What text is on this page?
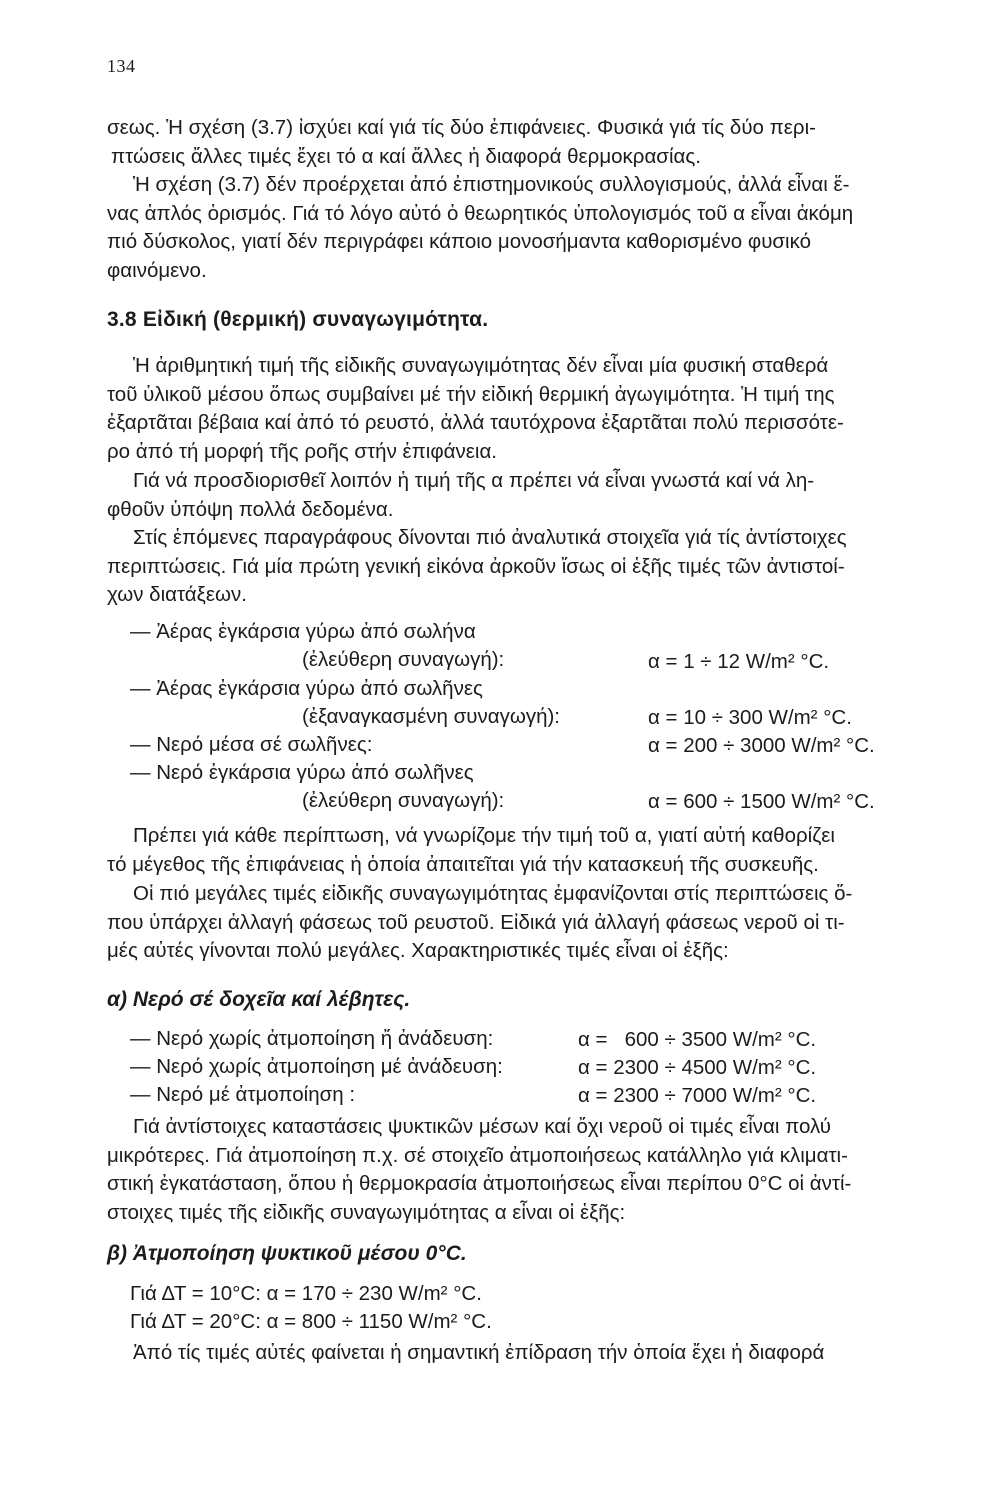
134
σεως. Ἡ σχέση (3.7) ἰσχύει καί γιά τίς δύο ἐπιφάνειες. Φυσικά γιά τίς δύο περι-
πτώσεις ἄλλες τιμές ἔχει τό α καί ἄλλες ἡ διαφορά θερμοκρασίας.
Ἡ σχέση (3.7) δέν προέρχεται ἀπό ἐπιστημονικούς συλλογισμούς, ἀλλά εἶναι ἕ-
νας ἁπλός ὁρισμός. Γιά τό λόγο αὐτό ὁ θεωρητικός ὑπολογισμός τοῦ α εἶναι ἀκόμη
πιό δύσκολος, γιατί δέν περιγράφει κάποιο μονοσήμαντα καθορισμένο φυσικό
φαινόμενο.
3.8 Εἰδική (θερμική) συναγωγιμότητα.
Ἡ ἀριθμητική τιμή τῆς εἰδικῆς συναγωγιμότητας δέν εἶναι μία φυσική σταθερά
τοῦ ὑλικοῦ μέσου ὅπως συμβαίνει μέ τήν εἰδική θερμική ἀγωγιμότητα. Ἡ τιμή της
ἐξαρτᾶται βέβαια καί ἀπό τό ρευστό, ἀλλά ταυτόχρονα ἐξαρτᾶται πολύ περισσότε-
ρο ἀπό τή μορφή τῆς ροῆς στήν ἐπιφάνεια.
Γιά νά προσδιορισθεῖ λοιπόν ἡ τιμή τῆς α πρέπει νά εἶναι γνωστά καί νά λη-
φθοῦν ὑπόψη πολλά δεδομένα.
Στίς ἑπόμενες παραγράφους δίνονται πιό ἀναλυτικά στοιχεῖα γιά τίς ἀντίστοιχες
περιπτώσεις. Γιά μία πρώτη γενική εἰκόνα ἀρκοῦν ἴσως οἱ ἑξῆς τιμές τῶν ἀντιστοί-
χων διατάξεων.
— Ἀέρας ἐγκάρσια γύρω ἀπό σωλήνα
(ἐλεύθερη συναγωγή):	α = 1 ÷ 12 W/m² °C.
— Ἀέρας ἐγκάρσια γύρω ἀπό σωλῆνες
(ἐξαναγκασμένη συναγωγή):	α = 10 ÷ 300 W/m² °C.
— Νερό μέσα σέ σωλῆνες:	α = 200 ÷ 3000 W/m² °C.
— Νερό ἐγκάρσια γύρω ἀπό σωλῆνες
(ἐλεύθερη συναγωγή):	α = 600 ÷ 1500 W/m² °C.
Πρέπει γιά κάθε περίπτωση, νά γνωρίζομε τήν τιμή τοῦ α, γιατί αὐτή καθορίζει
τό μέγεθος τῆς ἐπιφάνειας ἡ ὁποία ἀπαιτεῖται γιά τήν κατασκευή τῆς συσκευῆς.
Οἱ πιό μεγάλες τιμές εἰδικῆς συναγωγιμότητας ἐμφανίζονται στίς περιπτώσεις ὅ-
που ὑπάρχει ἀλλαγή φάσεως τοῦ ρευστοῦ. Εἰδικά γιά ἀλλαγή φάσεως νεροῦ οἱ τι-
μές αὐτές γίνονται πολύ μεγάλες. Χαρακτηριστικές τιμές εἶναι οἱ ἑξῆς:
α) Νερό σέ δοχεῖα καί λέβητες.
— Νερό χωρίς ἀτμοποίηση ἤ ἀνάδευση:	α =   600 ÷ 3500 W/m² °C.
— Νερό χωρίς ἀτμοποίηση μέ ἀνάδευση:	α = 2300 ÷ 4500 W/m² °C.
— Νερό μέ ἀτμοποίηση :	α = 2300 ÷ 7000 W/m² °C.
Γιά ἀντίστοιχες καταστάσεις ψυκτικῶν μέσων καί ὄχι νεροῦ οἱ τιμές εἶναι πολύ
μικρότερες. Γιά ἀτμοποίηση π.χ. σέ στοιχεῖο ἀτμοποιήσεως κατάλληλο γιά κλιματι-
στική ἐγκατάσταση, ὅπου ἡ θερμοκρασία ἀτμοποιήσεως εἶναι περίπου 0°C οἱ ἀντί-
στοιχες τιμές τῆς εἰδικῆς συναγωγιμότητας α εἶναι οἱ ἑξῆς:
β) Ἀτμοποίηση ψυκτικοῦ μέσου 0°C.
Γιά ΔΤ = 10°C: α = 170 ÷ 230 W/m² °C.
Γιά ΔΤ = 20°C: α = 800 ÷ 1150 W/m² °C.
Ἀπό τίς τιμές αὐτές φαίνεται ἡ σημαντική ἐπίδραση τήν ὁποία ἔχει ἡ διαφορά
